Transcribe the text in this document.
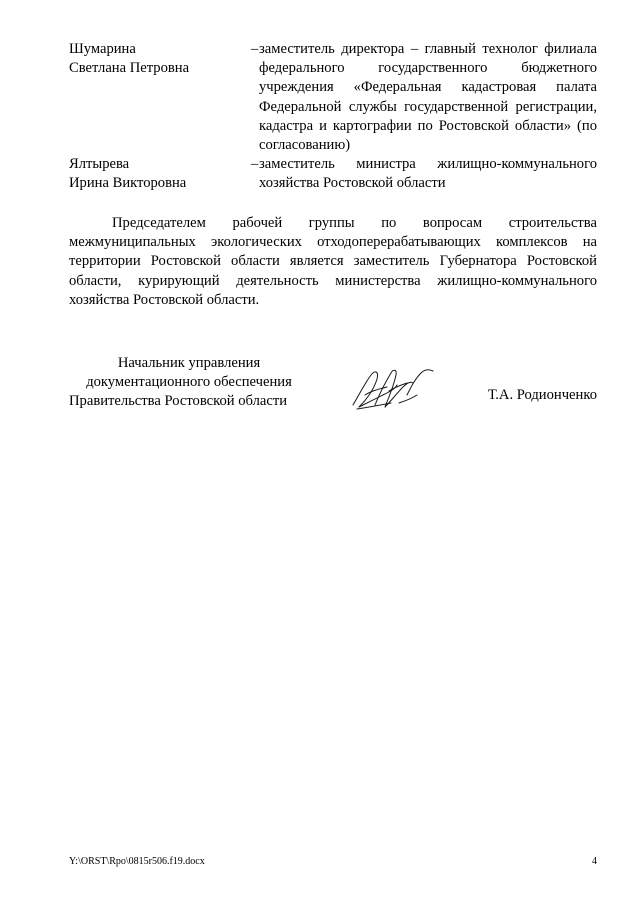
Шумарина
Светлана Петровна
– заместитель директора – главный технолог филиала федерального государственного бюджетного учреждения «Федеральная кадастровая палата Федеральной службы государственной регистрации, кадастра и картографии по Ростовской области» (по согласованию)
Ялтырева
Ирина Викторовна
– заместитель министра жилищно-коммунального хозяйства Ростовской области
Председателем рабочей группы по вопросам строительства межмуниципальных экологических отходоперерабатывающих комплексов на территории Ростовской области является заместитель Губернатора Ростовской области, курирующий деятельность министерства жилищно-коммунального хозяйства Ростовской области.
Начальник управления
документационного обеспечения
Правительства Ростовской области	Т.А. Родионченко
Y:\ORST\Rpo\0815r506.f19.docx	4
